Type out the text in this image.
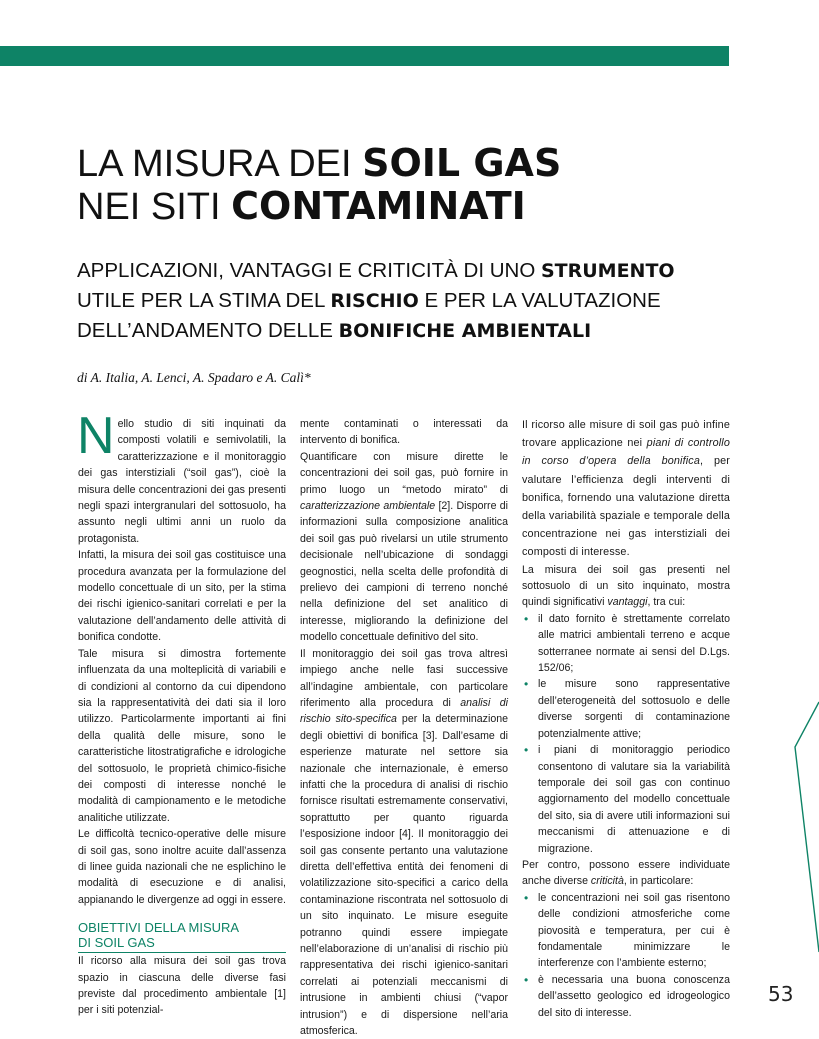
LA MISURA DEI SOIL GAS
NEI SITI CONTAMINATI
APPLICAZIONI, VANTAGGI E CRITICITÀ DI UNO STRUMENTO
UTILE PER LA STIMA DEL RISCHIO E PER LA VALUTAZIONE
DELL’ANDAMENTO DELLE BONIFICHE AMBIENTALI
di A. Italia, A. Lenci, A. Spadaro e A. Calì*

Nello studio di siti inquinati da composti volatili e semivolatili, la caratterizzazione e il monitoraggio dei gas interstiziali (“soil gas”), cioè la misura delle concentrazioni dei gas presenti negli spazi intergranulari del sottosuolo, ha assunto negli ultimi anni un ruolo da protagonista.

Infatti, la misura dei soil gas costituisce una procedura avanzata per la formulazione del modello concettuale di un sito, per la stima dei rischi igienico-sanitari correlati e per la valutazione dell’andamento delle attività di bonifica condotte.

Tale misura si dimostra fortemente influenzata da una molteplicità di variabili e di condizioni al contorno da cui dipendono sia la rappresentatività dei dati sia il loro utilizzo. Particolarmente importanti ai fini della qualità delle misure, sono le caratteristiche litostratigrafiche e idrologiche del sottosuolo, le proprietà chimico-fisiche dei composti di interesse nonché le modalità di campionamento e le metodiche analitiche utilizzate.

Le difficoltà tecnico-operative delle misure di soil gas, sono inoltre acuite dall’assenza di linee guida nazionali che ne esplichino le modalità di esecuzione e di analisi, appianando le divergenze ad oggi in essere.

OBIETTIVI DELLA MISURA
DI SOIL GAS

Il ricorso alla misura dei soil gas trova spazio in ciascuna delle diverse fasi previste dal procedimento ambientale [1] per i siti potenzial-

mente contaminati o interessati da intervento di bonifica.

Quantificare con misure dirette le concentrazioni dei soil gas, può fornire in primo luogo un “metodo mirato” di caratterizzazione ambientale [2]. Disporre di informazioni sulla composizione analitica dei soil gas può rivelarsi un utile strumento decisionale nell’ubicazione di sondaggi geognostici, nella scelta delle profondità di prelievo dei campioni di terreno nonché nella definizione del set analitico di interesse, migliorando la definizione del modello concettuale definitivo del sito.

Il monitoraggio dei soil gas trova altresì impiego anche nelle fasi successive all’indagine ambientale, con particolare riferimento alla procedura di analisi di rischio sito-specifica per la determinazione degli obiettivi di bonifica [3]. Dall’esame di esperienze maturate nel settore sia nazionale che internazionale, è emerso infatti che la procedura di analisi di rischio fornisce risultati estremamente conservativi, soprattutto per quanto riguarda l’esposizione indoor [4]. Il monitoraggio dei soil gas consente pertanto una valutazione diretta dell’effettiva entità dei fenomeni di volatilizzazione sito-specifici a carico della contaminazione riscontrata nel sottosuolo di un sito inquinato. Le misure eseguite potranno quindi essere impiegate nell’elaborazione di un’analisi di rischio più rappresentativa dei rischi igienico-sanitari correlati ai potenziali meccanismi di intrusione in ambienti chiusi (“vapor intrusion”) e di dispersione nell’aria atmosferica.

Il ricorso alle misure di soil gas può infine trovare applicazione nei piani di controllo in corso d’opera della bonifica, per valutare l’efficienza degli interventi di bonifica, fornendo una valutazione diretta della variabilità spaziale e temporale della concentrazione nei gas interstiziali dei composti di interesse.

La misura dei soil gas presenti nel sottosuolo di un sito inquinato, mostra quindi significativi vantaggi, tra cui:

• il dato fornito è strettamente correlato alle matrici ambientali terreno e acque sotterranee normate ai sensi del D.Lgs. 152/06;
• le misure sono rappresentative dell’eterogeneità del sottosuolo e delle diverse sorgenti di contaminazione potenzialmente attive;
• i piani di monitoraggio periodico consentono di valutare sia la variabilità temporale dei soil gas con continuo aggiornamento del modello concettuale del sito, sia di avere utili informazioni sui meccanismi di attenuazione e di migrazione.

Per contro, possono essere individuate anche diverse criticità, in particolare:

• le concentrazioni nei soil gas risentono delle condizioni atmosferiche come piovosità e temperatura, per cui è fondamentale minimizzare le interferenze con l’ambiente esterno;
• è necessaria una buona conoscenza dell’assetto geologico ed idrogeologico del sito di interesse.
53
